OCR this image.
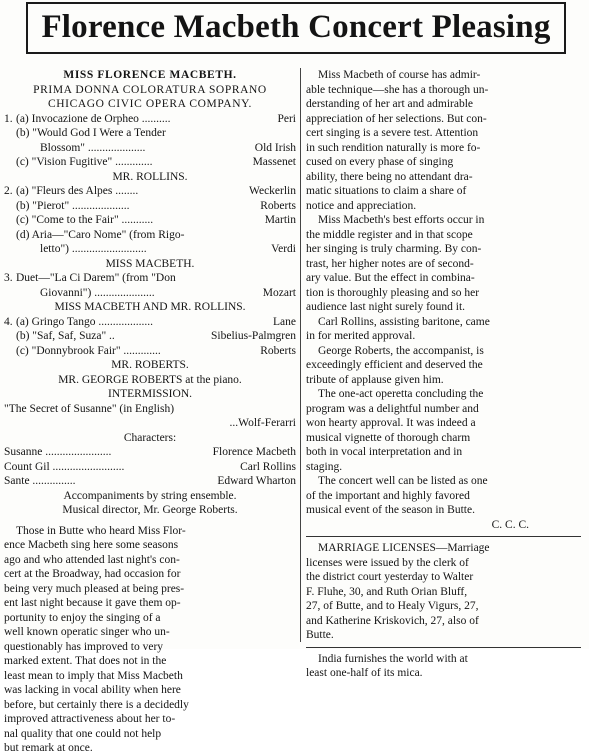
Florence Macbeth Concert Pleasing
MISS FLORENCE MACBETH.
PRIMA DONNA COLORATURA SOPRANO
CHICAGO CIVIC OPERA COMPANY.
1. (a) Invocazione de Orpheo ..........	Peri
(b) "Would God I Were a Tender
Blossom" ....................	Old Irish
(c) "Vision Fugitive" .............	Massenet
MR. ROLLINS.
2. (a) "Fleurs des Alpes ........	Weckerlin
(b) "Pierot" ....................	Roberts
(c) "Come to the Fair" ...........	Martin
(d) Aria—"Caro Nome" (from Rigo-
letto") ..........................	Verdi
MISS MACBETH.
3. Duet—"La Ci Darem" (from "Don
Giovanni") .....................	Mozart
MISS MACBETH AND MR. ROLLINS.
4. (a) Gringo Tango ...................	Lane
(b) "Saf, Saf, Suza" ..	Sibelius-Palmgren
(c) "Donnybrook Fair" .............	Roberts
MR. ROBERTS.
MR. GEORGE ROBERTS at the piano.
INTERMISSION.
"The Secret of Susanne" (in English)
...Wolf-Ferarri
Characters:
Susanne .......................	Florence Macbeth
Count Gil .........................	Carl Rollins
Sante ...............	Edward Wharton
Accompaniments by string ensemble.
Musical director, Mr. George Roberts.
Those in Butte who heard Miss Flor-
ence Macbeth sing here some seasons
ago and who attended last night's con-
cert at the Broadway, had occasion for
being very much pleased at being pres-
ent last night because it gave them op-
portunity to enjoy the singing of a
well known operatic singer who un-
questionably has improved to very
marked extent. That does not in the
least mean to imply that Miss Macbeth
was lacking in vocal ability when here
before, but certainly there is a decidedly
improved attractiveness about her to-
nal quality that one could not help
but remark at once.
Miss Macbeth of course has admir-
able technique—she has a thorough un-
derstanding of her art and admirable
appreciation of her selections. But con-
cert singing is a severe test. Attention
in such rendition naturally is more fo-
cused on every phase of singing
ability, there being no attendant dra-
matic situations to claim a share of
notice and appreciation.
Miss Macbeth's best efforts occur in
the middle register and in that scope
her singing is truly charming. By con-
trast, her higher notes are of second-
ary value. But the effect in combina-
tion is thoroughly pleasing and so her
audience last night surely found it.
Carl Rollins, assisting baritone, came
in for merited approval.
George Roberts, the accompanist, is
exceedingly efficient and deserved the
tribute of applause given him.
The one-act operetta concluding the
program was a delightful number and
won hearty approval. It was indeed a
musical vignette of thorough charm
both in vocal interpretation and in
staging.
The concert well can be listed as one
of the important and highly favored
musical event of the season in Butte.
C. C. C.
MARRIAGE LICENSES—Marriage
licenses were issued by the clerk of
the district court yesterday to Walter
F. Fluhe, 30, and Ruth Orian Bluff,
27, of Butte, and to Healy Vigurs, 27,
and Katherine Kriskovich, 27, also of
Butte.
India furnishes the world with at
least one-half of its mica.
